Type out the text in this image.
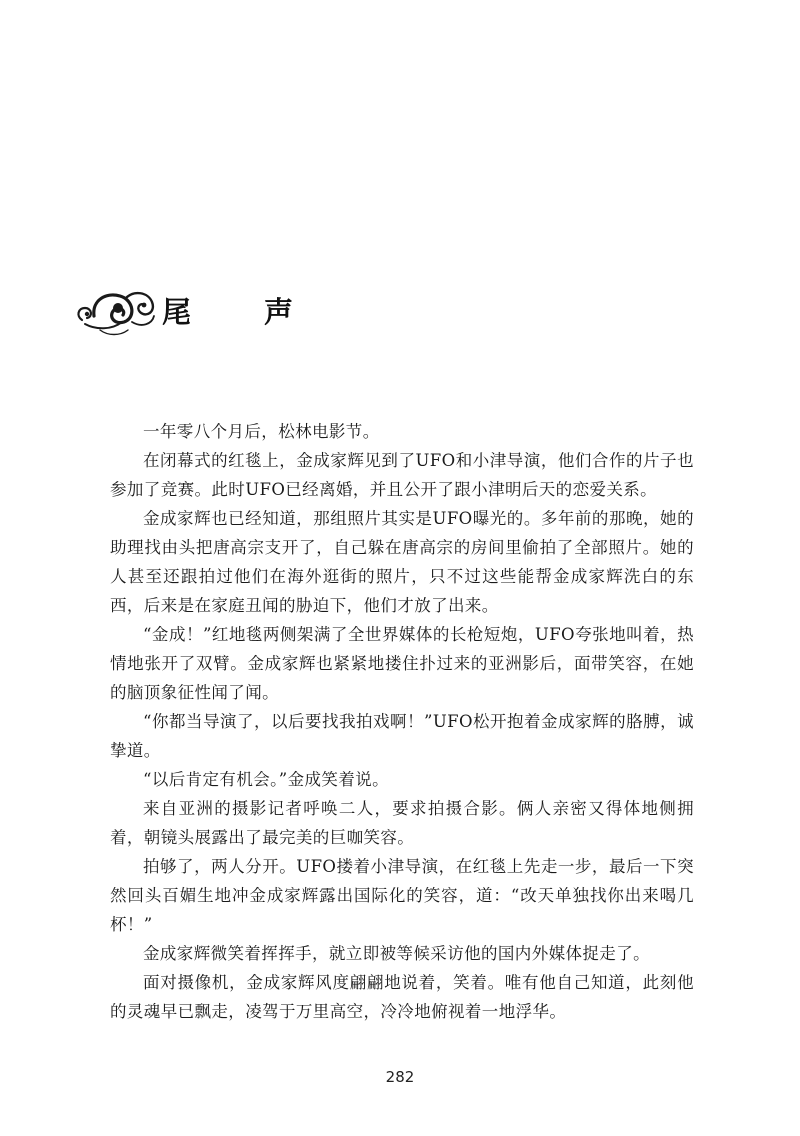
尾　声

一年零八个月后，松林电影节。

在闭幕式的红毯上，金成家辉见到了UFO和小津导演，他们合作的片子也参加了竞赛。此时UFO已经离婚，并且公开了跟小津明后天的恋爱关系。

金成家辉也已经知道，那组照片其实是UFO曝光的。多年前的那晚，她的助理找由头把唐高宗支开了，自己躲在唐高宗的房间里偷拍了全部照片。她的人甚至还跟拍过他们在海外逛街的照片，只不过这些能帮金成家辉洗白的东西，后来是在家庭丑闻的胁迫下，他们才放了出来。

“金成！”红地毯两侧架满了全世界媒体的长枪短炮，UFO夸张地叫着，热情地张开了双臂。金成家辉也紧紧地搂住扑过来的亚洲影后，面带笑容，在她的脑顶象征性闻了闻。

“你都当导演了，以后要找我拍戏啊！”UFO松开抱着金成家辉的胳膊，诚挚道。

“以后肯定有机会。”金成笑着说。

来自亚洲的摄影记者呼唤二人，要求拍摄合影。俩人亲密又得体地侧拥着，朝镜头展露出了最完美的巨咖笑容。

拍够了，两人分开。UFO搂着小津导演，在红毯上先走一步，最后一下突然回头百媚生地冲金成家辉露出国际化的笑容，道：“改天单独找你出来喝几杯！”

金成家辉微笑着挥挥手，就立即被等候采访他的国内外媒体捉走了。

面对摄像机，金成家辉风度翩翩地说着，笑着。唯有他自己知道，此刻他的灵魂早已飘走，凌驾于万里高空，冷冷地俯视着一地浮华。

282
